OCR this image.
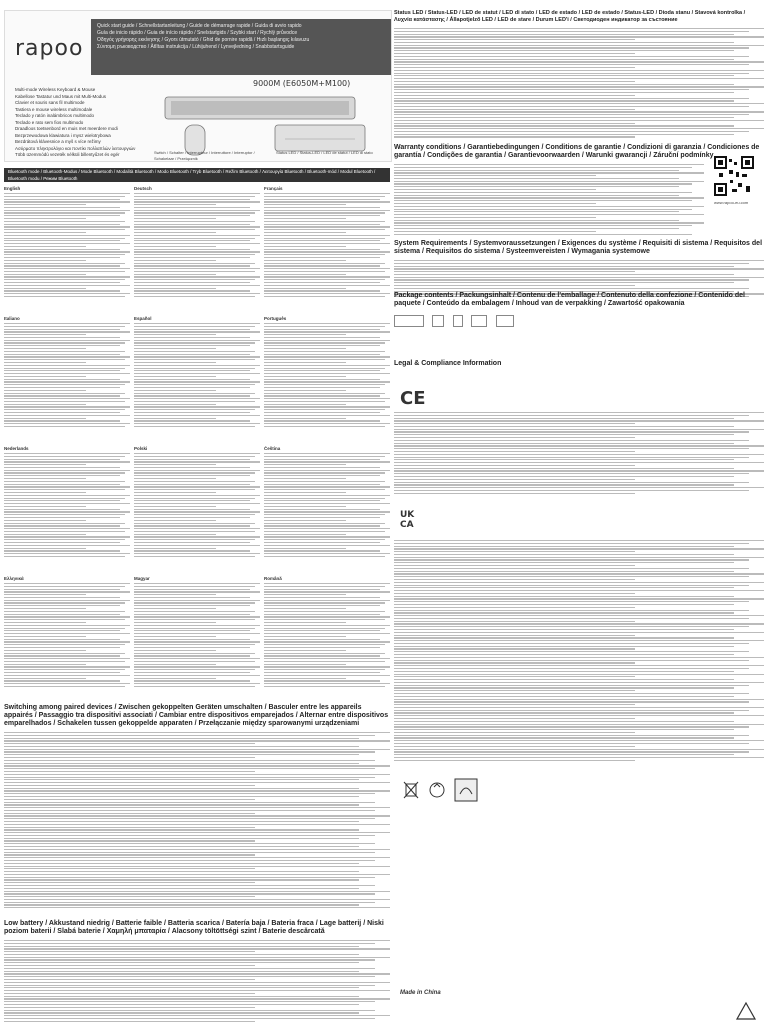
rapoo
Quick start guide / Schnellstartanleitung / Guide de démarrage rapide / Guida di avvio rapido
Guía de inicio rápido / Guia de início rápido / Snelstartgids / Szybki start / Rychlý průvodce
Οδηγός γρήγορης εκκίνησης / Gyors útmutató / Ghid de pornire rapidă / Hızlı başlangıç kılavuzu
Σύντομη ръководство / Ätlītas instrukcija / Lühijuhend / Lynvejledning / Snabbstartsguide
9000M (E6050M+M100)
Multi-mode Wireless Keyboard & Mouse
Kabellose Tastatur und Maus mit Multi-Modus
Clavier et souris sans fil multimode
Tastiera e mouse wireless multimodale
Teclado y ratón inalámbricos multimodo
Teclado e rato sem fios multimodo
Draadloos toetsenbord en muis met meerdere modi
Bezprzewodowa klawiatura i mysz wielotrybowa
Bezdrátová klávesnice a myš s více režimy
Ασύρματο πληκτρολόγιο και ποντίκι πολλαπλών λειτουργιών
Több üzemmódú vezeték nélküli billentyűzet és egér	Switch / Schalter / Interrupteur / Interruttore / Interruptor / Schakelaar / Przełącznik
Status LED / Status-LED / LED de statut / LED di stato
Bluetooth mode / Bluetooth-Modus / Mode Bluetooth / Modalità Bluetooth / Modo Bluetooth / Tryb Bluetooth / Režim Bluetooth / Λειτουργία Bluetooth / Bluetooth-mód / Modul Bluetooth / Bluetooth modu / Режим Bluetooth
English	Deutsch	Français
Italiano	Español	Português
Nederlands	Polski	Čeština
Ελληνικά	Magyar	Română
Switching among paired devices / Zwischen gekoppelten Geräten umschalten / Basculer entre les appareils appairés / Passaggio tra dispositivi associati / Cambiar entre dispositivos emparejados / Alternar entre dispositivos emparelhados / Schakelen tussen gekoppelde apparaten / Przełączanie między sparowanymi urządzeniami
Low battery / Akkustand niedrig / Batterie faible / Batteria scarica / Batería baja / Bateria fraca / Lage batterij / Niski poziom baterii / Slabá baterie / Χαμηλή μπαταρία / Alacsony töltöttségi szint / Baterie descărcată
Status LED / Status-LED / LED de statut / LED di stato / LED de estado / LED de estado / Status-LED / Dioda stanu / Stavová kontrolka / Λυχνία κατάστασης / Állapotjelző LED / LED de stare / Durum LED'i / Светодиоден индикатор за състояние
Warranty conditions / Garantiebedingungen / Conditions de garantie / Condizioni di garanzia / Condiciones de garantía / Condições de garantia / Garantievoorwaarden / Warunki gwarancji / Záruční podmínky
www.rapoo-eu.com
System Requirements / Systemvoraussetzungen / Exigences du système / Requisiti di sistema / Requisitos del sistema / Requisitos do sistema / Systeemvereisten / Wymagania systemowe
Package contents / Packungsinhalt / Contenu de l'emballage / Contenuto della confezione / Contenido del paquete / Conteúdo da embalagem / Inhoud van de verpakking / Zawartość opakowania

Legal & Compliance Information
CE
UK
CA
Made in China
